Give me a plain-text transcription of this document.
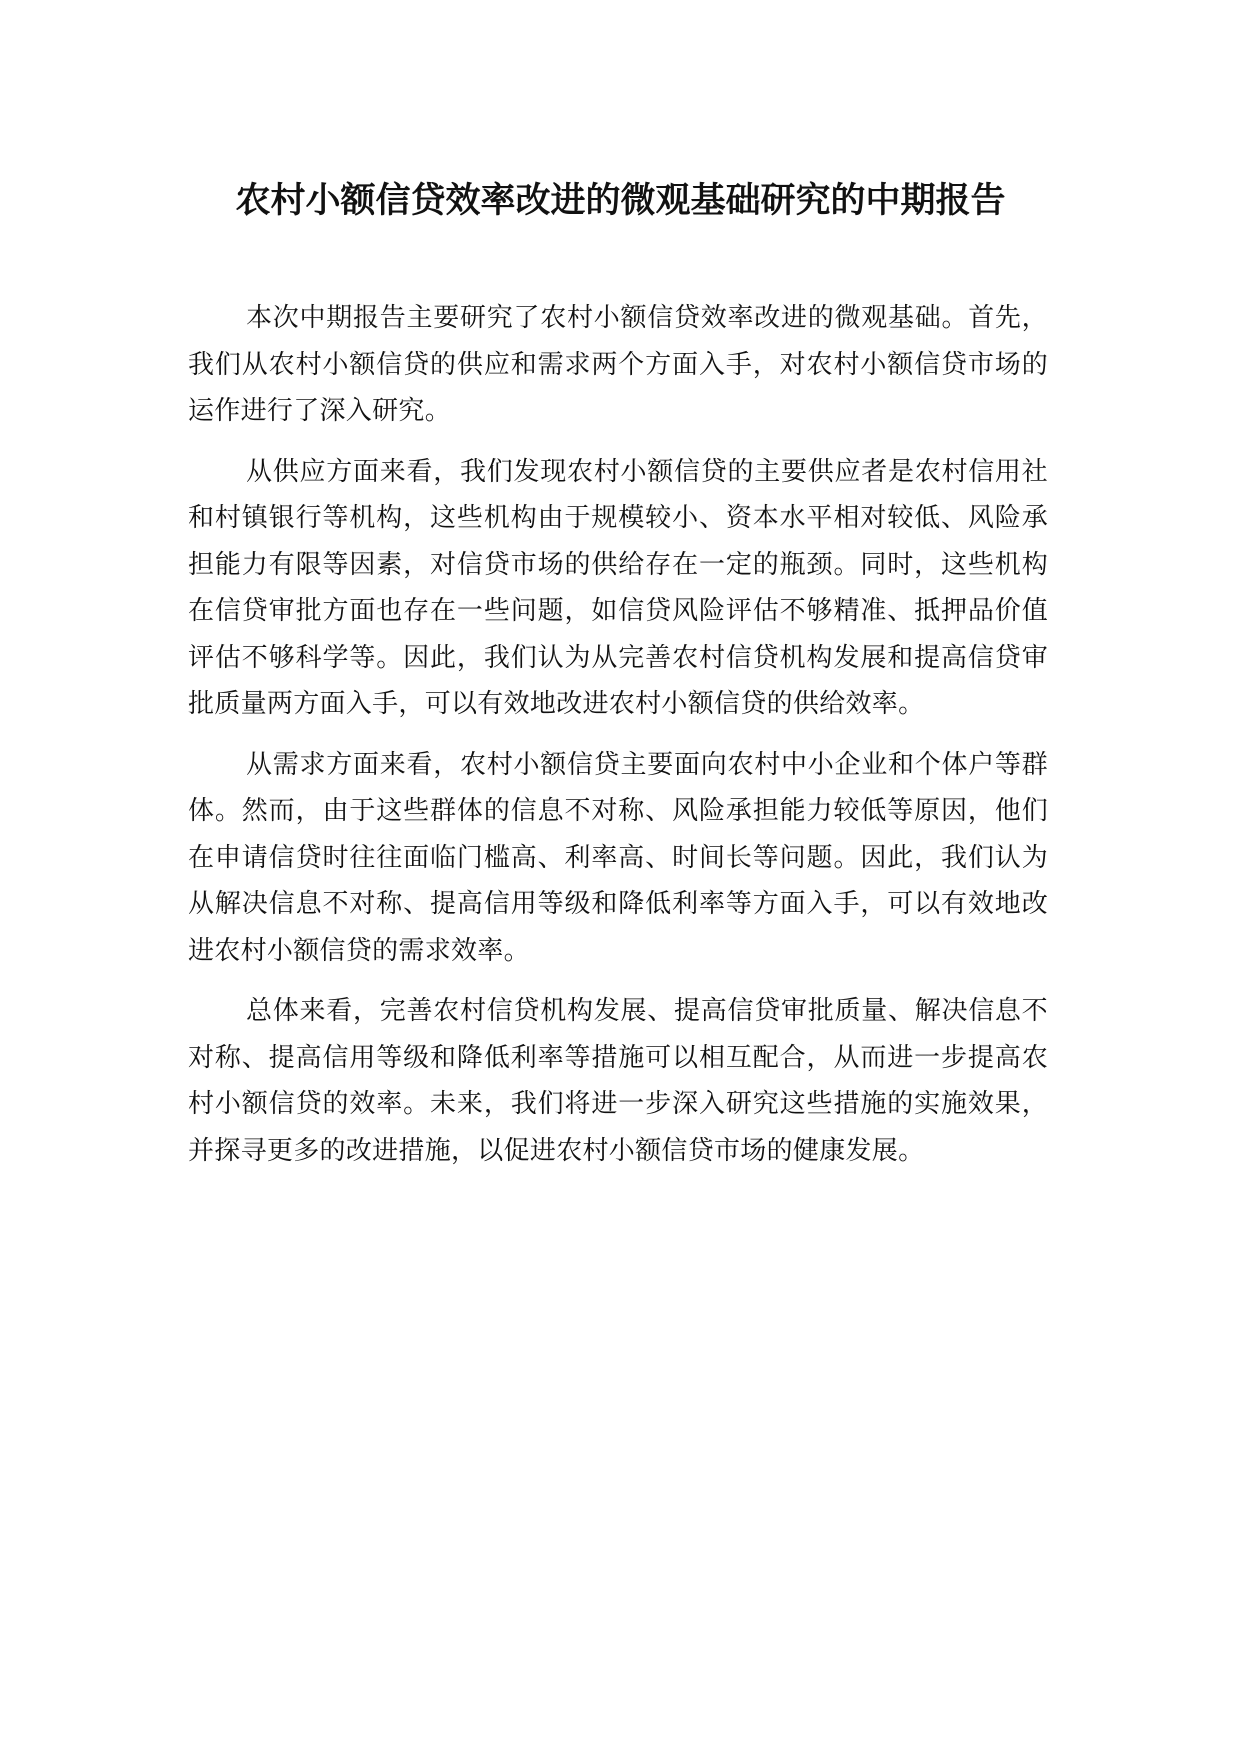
农村小额信贷效率改进的微观基础研究的中期报告

本次中期报告主要研究了农村小额信贷效率改进的微观基础。首先，我们从农村小额信贷的供应和需求两个方面入手，对农村小额信贷市场的运作进行了深入研究。

从供应方面来看，我们发现农村小额信贷的主要供应者是农村信用社和村镇银行等机构，这些机构由于规模较小、资本水平相对较低、风险承担能力有限等因素，对信贷市场的供给存在一定的瓶颈。同时，这些机构在信贷审批方面也存在一些问题，如信贷风险评估不够精准、抵押品价值评估不够科学等。因此，我们认为从完善农村信贷机构发展和提高信贷审批质量两方面入手，可以有效地改进农村小额信贷的供给效率。

从需求方面来看，农村小额信贷主要面向农村中小企业和个体户等群体。然而，由于这些群体的信息不对称、风险承担能力较低等原因，他们在申请信贷时往往面临门槛高、利率高、时间长等问题。因此，我们认为从解决信息不对称、提高信用等级和降低利率等方面入手，可以有效地改进农村小额信贷的需求效率。

总体来看，完善农村信贷机构发展、提高信贷审批质量、解决信息不对称、提高信用等级和降低利率等措施可以相互配合，从而进一步提高农村小额信贷的效率。未来，我们将进一步深入研究这些措施的实施效果，并探寻更多的改进措施，以促进农村小额信贷市场的健康发展。
